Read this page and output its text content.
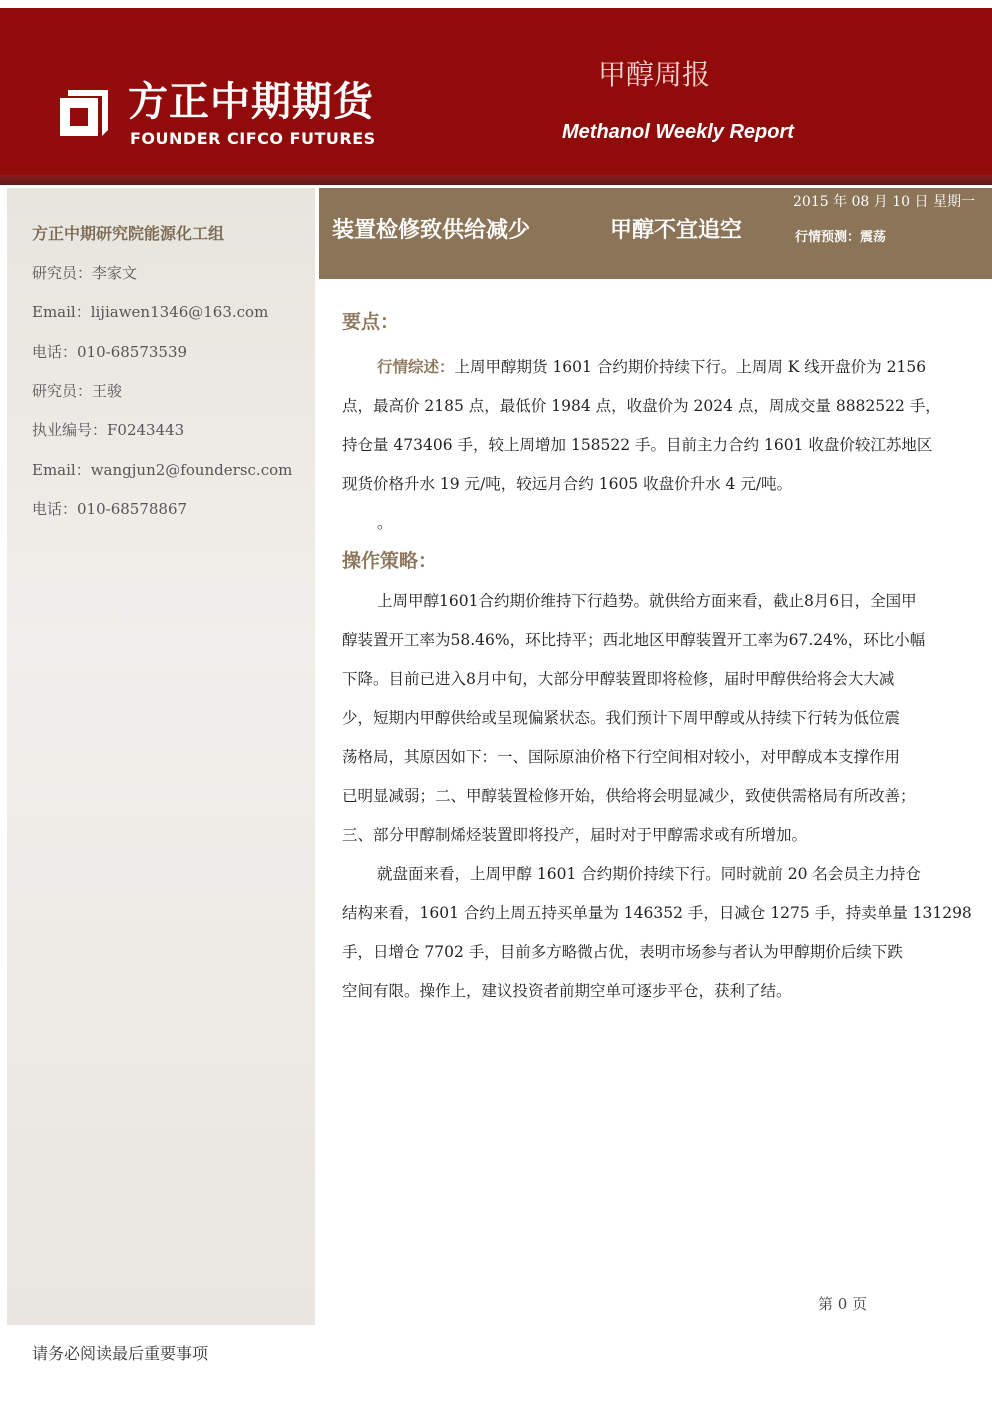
方正中期期货
FOUNDER CIFCO FUTURES
甲醇周报
Methanol Weekly Report
方正中期研究院能源化工组
研究员：李家文
Email：lijiawen1346@163.com
电话：010-68573539
研究员：王骏
执业编号：F0243443
Email：wangjun2@foundersc.com
电话：010-68578867
装置检修致供给减少	甲醇不宜追空
2015 年 08 月 10 日 星期一
行情预测：震荡
要点：
行情综述：上周甲醇期货 1601 合约期价持续下行。上周周 K 线开盘价为 2156
点，最高价 2185 点，最低价 1984 点，收盘价为 2024 点，周成交量 8882522 手，
持仓量 473406 手，较上周增加 158522 手。目前主力合约 1601 收盘价较江苏地区
现货价格升水 19 元/吨，较远月合约 1605 收盘价升水 4 元/吨。
。
操作策略：
上周甲醇1601合约期价维持下行趋势。就供给方面来看，截止8月6日，全国甲
醇装置开工率为58.46%，环比持平；西北地区甲醇装置开工率为67.24%，环比小幅
下降。目前已进入8月中旬，大部分甲醇装置即将检修，届时甲醇供给将会大大减
少，短期内甲醇供给或呈现偏紧状态。我们预计下周甲醇或从持续下行转为低位震
荡格局，其原因如下：一、国际原油价格下行空间相对较小，对甲醇成本支撑作用
已明显减弱；二、甲醇装置检修开始，供给将会明显减少，致使供需格局有所改善；
三、部分甲醇制烯烃装置即将投产，届时对于甲醇需求或有所增加。
就盘面来看，上周甲醇 1601 合约期价持续下行。同时就前 20 名会员主力持仓
结构来看，1601 合约上周五持买单量为 146352 手，日减仓 1275 手，持卖单量 131298
手，日增仓 7702 手，目前多方略微占优，表明市场参与者认为甲醇期价后续下跌
空间有限。操作上，建议投资者前期空单可逐步平仓，获利了结。
第 0 页
请务必阅读最后重要事项
